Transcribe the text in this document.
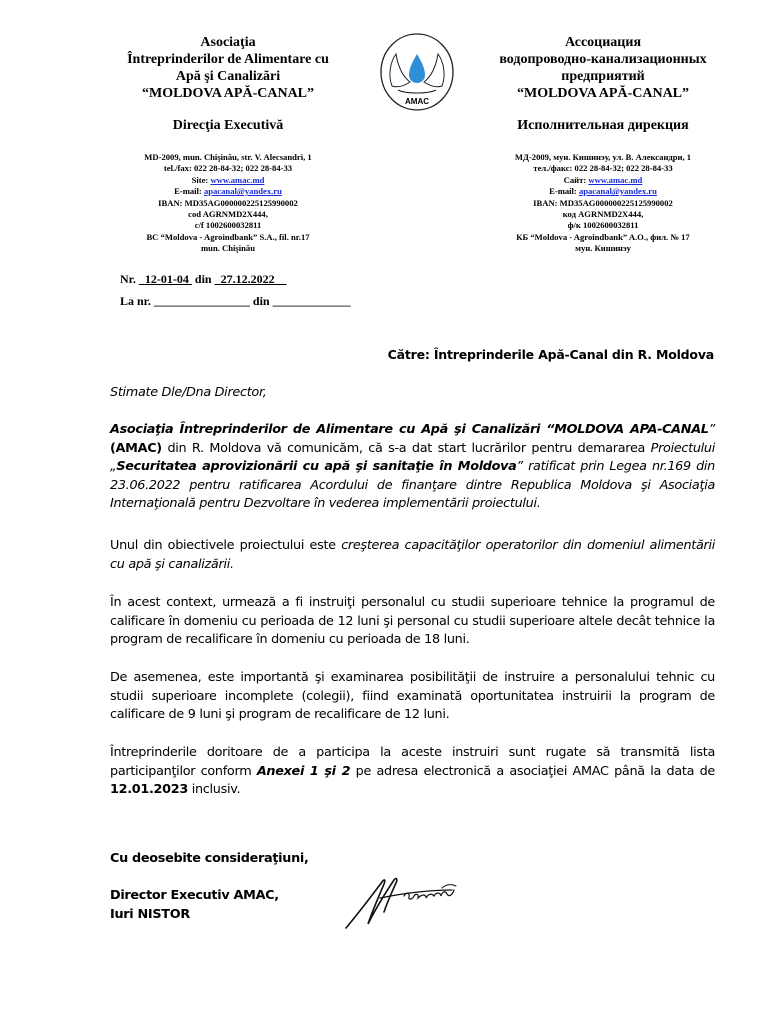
Asociaţia
Întreprinderilor de Alimentare cu
Apă şi Canalizări
“MOLDOVA APĂ-CANAL”
Direcţia Executivă
MD-2009, mun. Chişinău, str. V. Alecsandri, 1
tel./fax: 022 28-84-32; 022 28-84-33
Site: www.amac.md
E-mail: apacanal@yandex.ru
IBAN: MD35AG000000225125990002
cod AGRNMD2X444,
c/f 1002600032811
BC “Moldova - Agroindbank” S.A., fil. nr.17
mun. Chişinău
AMAC
Ассоциация
водопроводно-канализационных
предприятий
“MOLDOVA APĂ-CANAL”
Исполнительная дирекция
МД-2009, мун. Кишинэу, ул. В. Александри, 1
тел./факс: 022 28-84-32; 022 28-84-33
Сайт: www.amac.md
E-mail: apacanal@yandex.ru
IBAN: MD35AG000000225125990002
код AGRNMD2X444,
ф/к 1002600032811
КБ “Moldova - Agroindbank” A.O., фил. № 17
мун. Кишинэу
Nr. 12-01-04 din 27.12.2022
La nr. ________________ din _____________
Către: Întreprinderile Apă-Canal din R. Moldova
Stimate Dle/Dna Director,
Asociaţia Întreprinderilor de Alimentare cu Apă şi Canalizări “MOLDOVA APA-CANAL” (AMAC) din R. Moldova vă comunicăm, că s-a dat start lucrărilor pentru demararea Proiectului „Securitatea aprovizionării cu apă şi sanitaţie în Moldova” ratificat prin Legea nr.169 din 23.06.2022 pentru ratificarea Acordului de finanţare dintre Republica Moldova şi Asociaţia Internaţională pentru Dezvoltare în vederea implementării proiectului.
Unul din obiectivele proiectului este creşterea capacităţilor operatorilor din domeniul alimentării cu apă şi canalizării.
În acest context, urmează a fi instruiţi personalul cu studii superioare tehnice la programul de calificare în domeniu cu perioada de 12 luni şi personal cu studii superioare altele decât tehnice la program de recalificare în domeniu cu perioada de 18 luni.
De asemenea, este importantă şi examinarea posibilităţii de instruire a personalului tehnic cu studii superioare incomplete (colegii), fiind examinată oportunitatea instruirii la program de calificare de 9 luni şi program de recalificare de 12 luni.
Întreprinderile doritoare de a participa la aceste instruiri sunt rugate să transmită lista participanţilor conform Anexei 1 şi 2 pe adresa electronică a asociaţiei AMAC până la data de 12.01.2023 inclusiv.
Cu deosebite consideraţiuni,
Director Executiv AMAC,
Iuri NISTOR
